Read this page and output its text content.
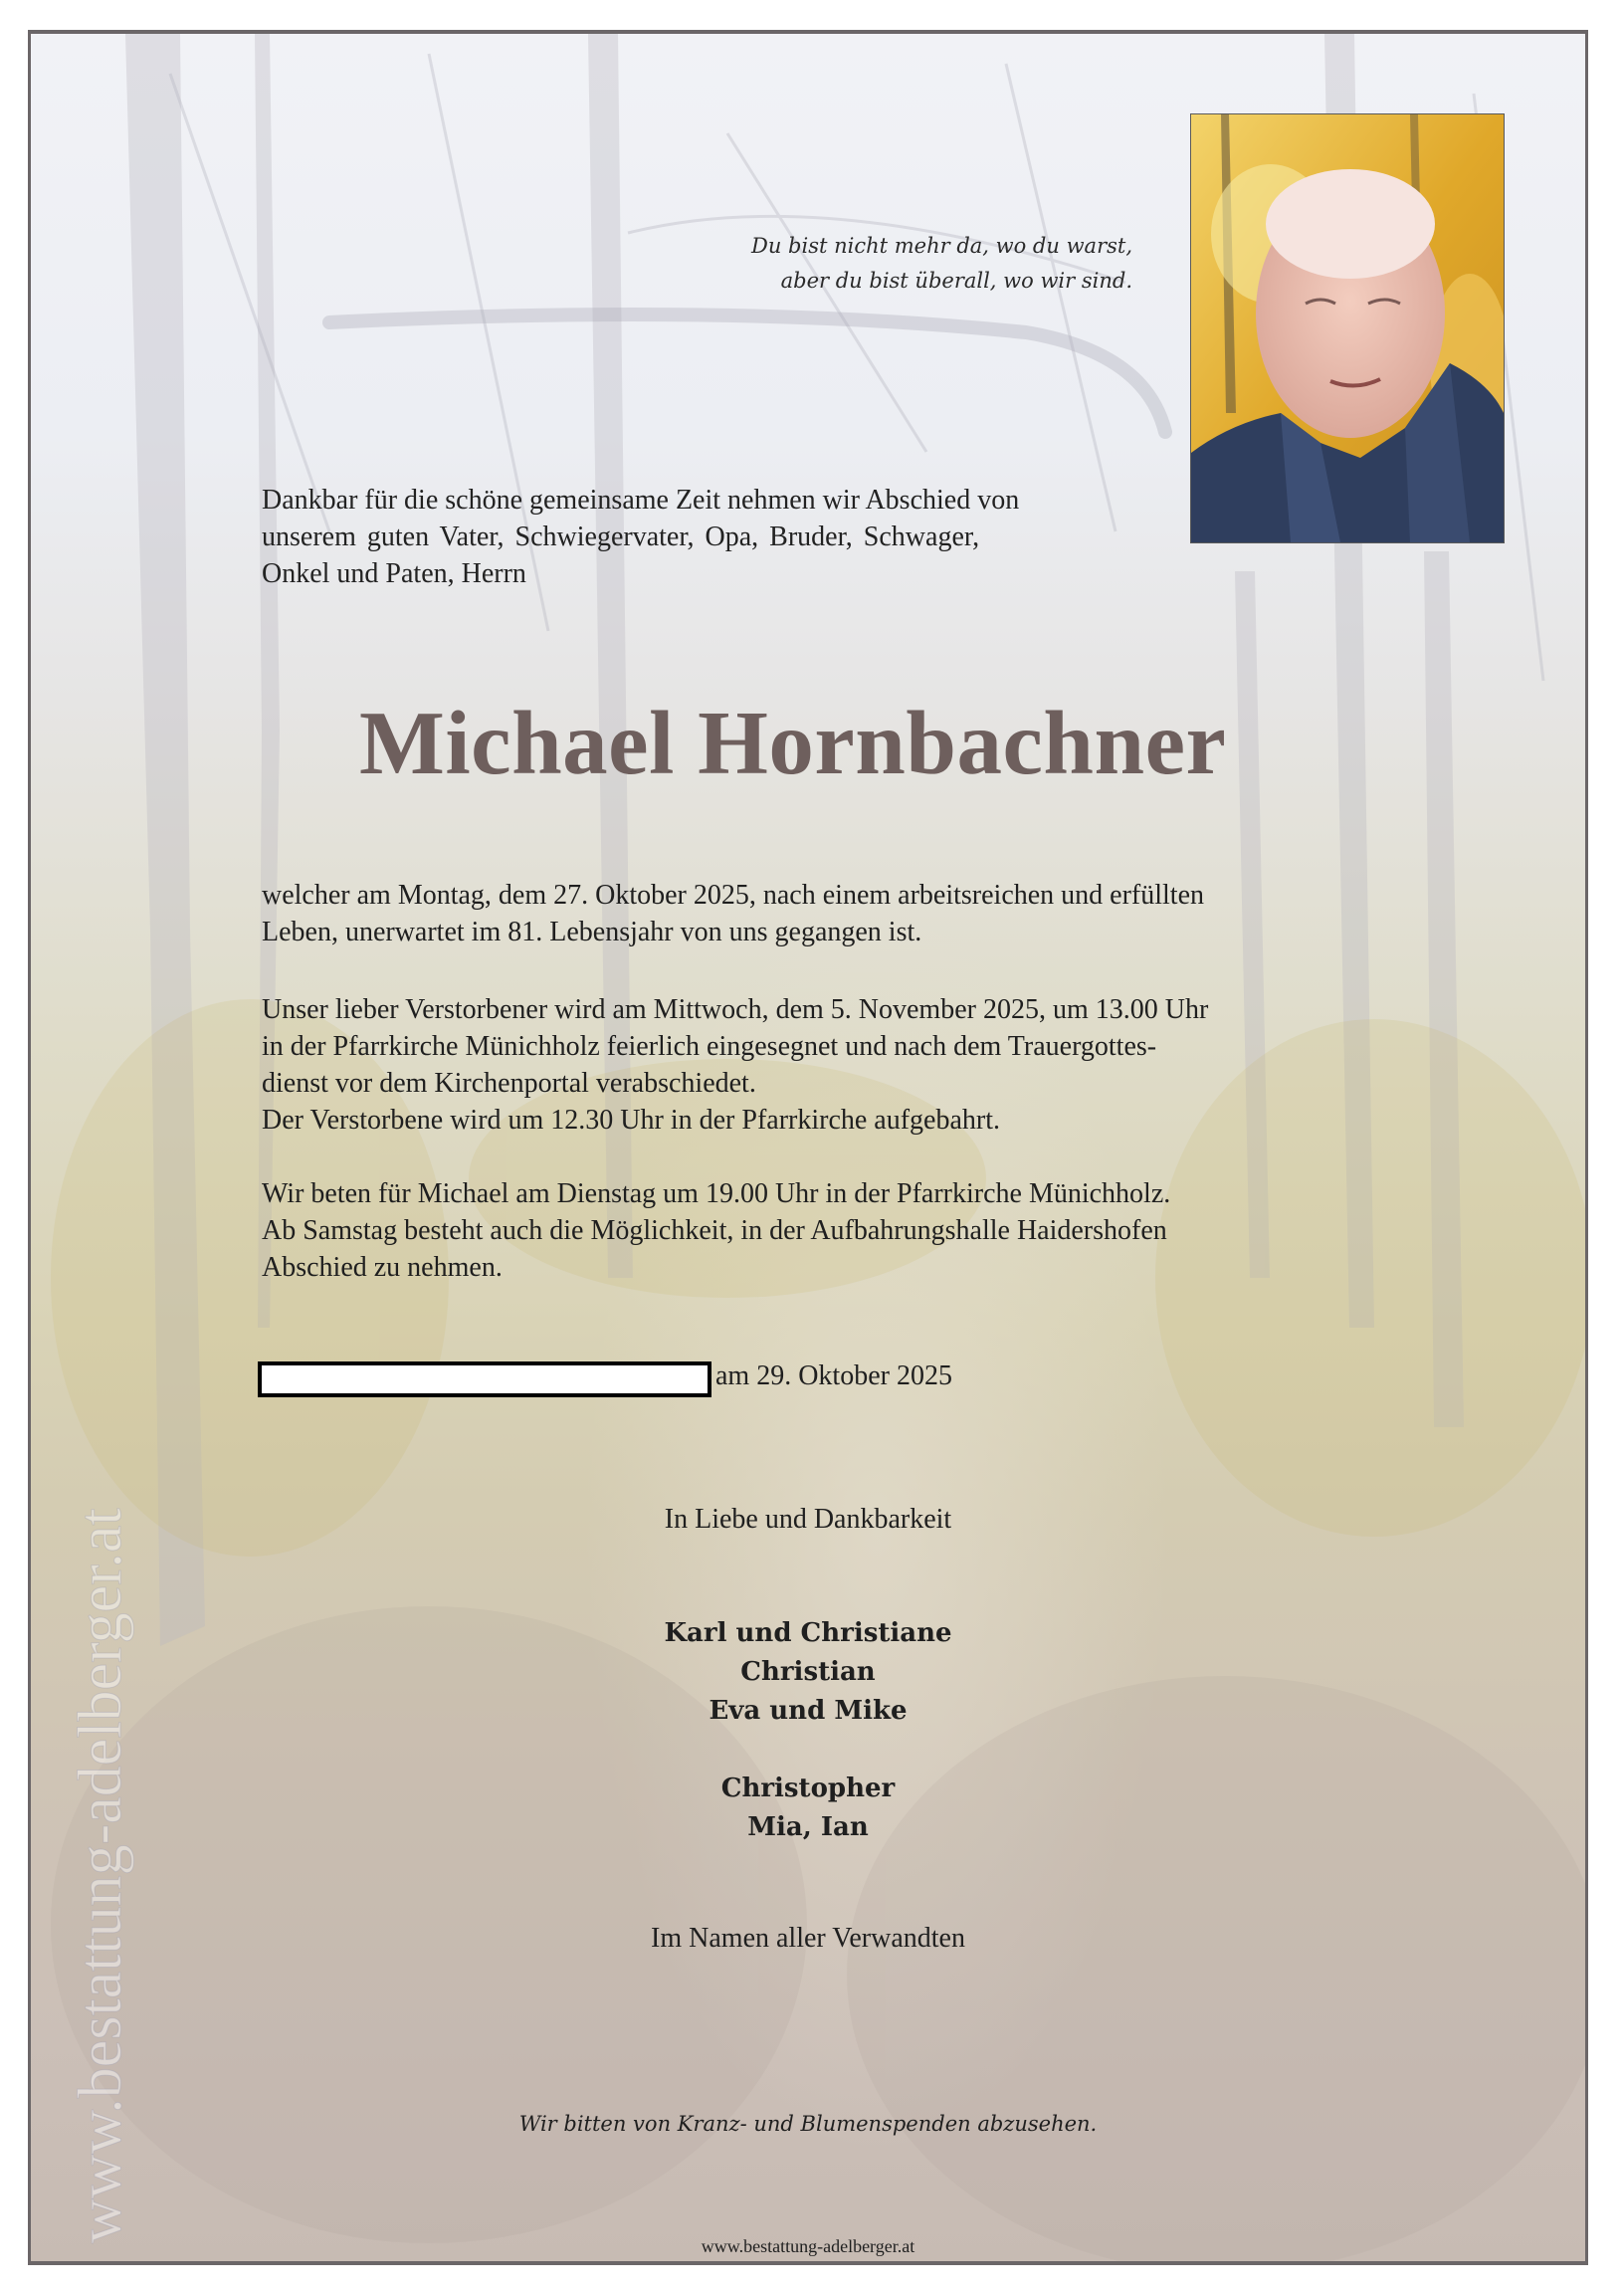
www.bestattung-adelberger.at

Du bist nicht mehr da, wo du warst,

aber du bist überall, wo wir sind.

Dankbar für die schöne gemeinsame Zeit nehmen wir Abschied von

unserem guten Vater, Schwiegervater, Opa, Bruder, Schwager,

Onkel und Paten, Herrn

Michael Hornbachner

welcher am Montag, dem 27. Oktober 2025, nach einem arbeitsreichen und erfüllten

Leben, unerwartet im 81. Lebensjahr von uns gegangen ist.

Unser lieber Verstorbener wird am Mittwoch, dem 5. November 2025, um 13.00 Uhr

in der Pfarrkirche Münichholz feierlich eingesegnet und nach dem Trauergottes-

dienst vor dem Kirchenportal verabschiedet.

Der Verstorbene wird um 12.30 Uhr in der Pfarrkirche aufgebahrt.

Wir beten für Michael am Dienstag um 19.00 Uhr in der Pfarrkirche Münichholz.

Ab Samstag besteht auch die Möglichkeit, in der Aufbahrungshalle Haidershofen

Abschied zu nehmen.

am 29. Oktober 2025

In Liebe und Dankbarkeit

Karl und Christiane

Christian

Eva und Mike

Christopher

Mia, Ian

Im Namen aller Verwandten

Wir bitten von Kranz- und Blumenspenden abzusehen.

www.bestattung-adelberger.at
